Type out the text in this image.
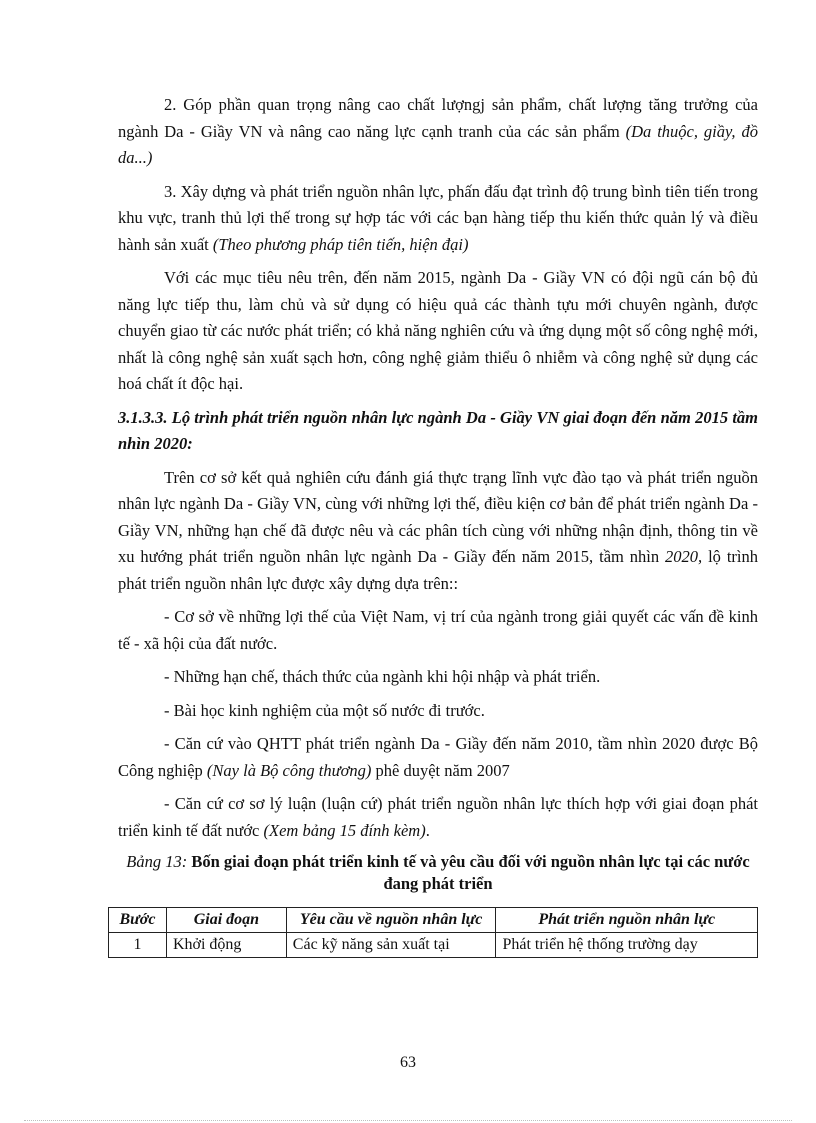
2. Góp phần quan trọng nâng cao chất lượngj sản phẩm, chất lượng tăng trưởng của ngành Da - Giầy VN và nâng cao năng lực cạnh tranh của các sản phẩm (Da thuộc, giầy, đồ da...)

3. Xây dựng và phát triển nguồn nhân lực, phấn đấu đạt trình độ trung bình tiên tiến trong khu vực, tranh thủ lợi thế trong sự hợp tác với các bạn hàng tiếp thu kiến thức quản lý và điều hành sản xuất (Theo phương pháp tiên tiến, hiện đại)

Với các mục tiêu nêu trên, đến năm 2015, ngành Da - Giầy VN có đội ngũ cán bộ đủ năng lực tiếp thu, làm chủ và sử dụng có hiệu quả các thành tựu mới chuyên ngành, được chuyển giao từ các nước phát triển; có khả năng nghiên cứu và ứng dụng một số công nghệ mới, nhất là công nghệ sản xuất sạch hơn, công nghệ giảm thiểu ô nhiễm và công nghệ sử dụng các hoá chất ít độc hại.

3.1.3.3. Lộ trình phát triển nguồn nhân lực ngành Da - Giầy VN giai đoạn đến năm 2015 tầm nhìn 2020:

Trên cơ sở kết quả nghiên cứu đánh giá thực trạng lĩnh vực đào tạo và phát triển nguồn nhân lực ngành Da - Giầy VN, cùng với những lợi thế, điều kiện cơ bản để phát triển ngành Da - Giầy VN, những hạn chế đã được nêu và các phân tích cùng với những nhận định, thông tin về xu hướng phát triển nguồn nhân lực ngành Da - Giầy đến năm 2015, tầm nhìn 2020, lộ trình phát triển nguồn nhân lực được xây dựng dựa trên::

- Cơ sở về những lợi thế của Việt Nam, vị trí của ngành trong giải quyết các vấn đề kinh tế - xã hội của đất nước.

- Những hạn chế, thách thức của ngành khi hội nhập và phát triển.

- Bài học kinh nghiệm của một số nước đi trước.

- Căn cứ vào QHTT phát triển ngành Da - Giầy đến năm 2010, tầm nhìn 2020 được Bộ Công nghiệp (Nay là Bộ công thương) phê duyệt năm 2007

- Căn cứ cơ sơ lý luận (luận cứ) phát triển nguồn nhân lực thích hợp với giai đoạn phát triển kinh tế đất nước (Xem bảng 15 đính kèm).

Bảng 13: Bốn giai đoạn phát triển kinh tế và yêu cầu đối với nguồn nhân lực tại các nước đang phát triển
Bước	Giai đoạn	Yêu cầu về nguồn nhân lực	Phát triển nguồn nhân lực
1	Khởi động	Các kỹ năng sản xuất tại	Phát triển hệ thống trường dạy
63
